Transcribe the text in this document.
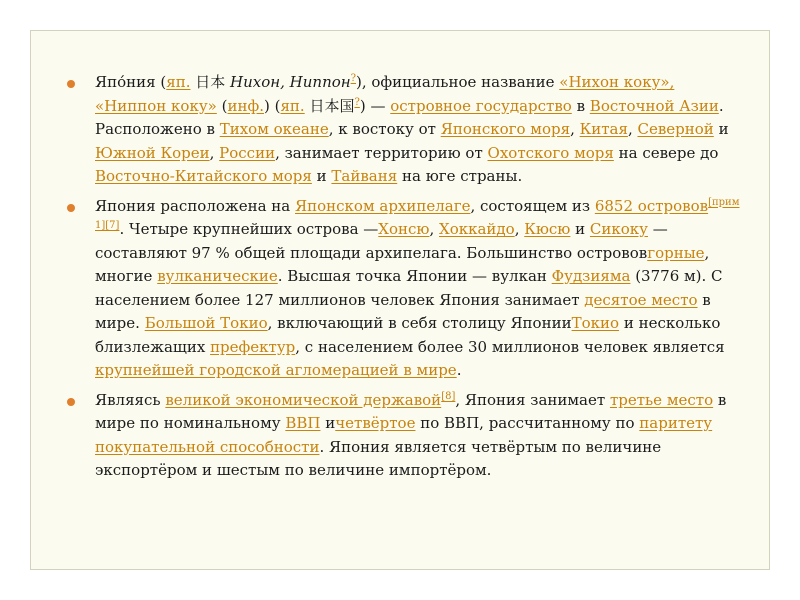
Япо́ния (яп. 日本 Нихон, Ниппон?), официальное название «Нихон коку», «Ниппон коку» (инф.) (яп. 日本国?) — островное государство в Восточной Азии. Расположено в Тихом океане, к востоку от Японского моря, Китая, Северной и Южной Кореи, России, занимает территорию от Охотского моря на севере до Восточно-Китайского моря и Тайваня на юге страны.

Япония расположена на Японском архипелаге, состоящем из 6852 островов[прим 1][7]. Четыре крупнейших острова —Хонсю, Хоккайдо, Кюсю и Сикоку — составляют 97 % общей площади архипелага. Большинство острововгорные, многие вулканические. Высшая точка Японии — вулкан Фудзияма (3776 м). С населением более 127 миллионов человек Япония занимает десятое место в мире. Большой Токио, включающий в себя столицу ЯпонииТокио и несколько близлежащих префектур, с населением более 30 миллионов человек является крупнейшей городской агломерацией в мире.

Являясь великой экономической державой[8], Япония занимает третье место в мире по номинальному ВВП ичетвёртое по ВВП, рассчитанному по паритету покупательной способности. Япония является четвёртым по величине экспортёром и шестым по величине импортёром.
